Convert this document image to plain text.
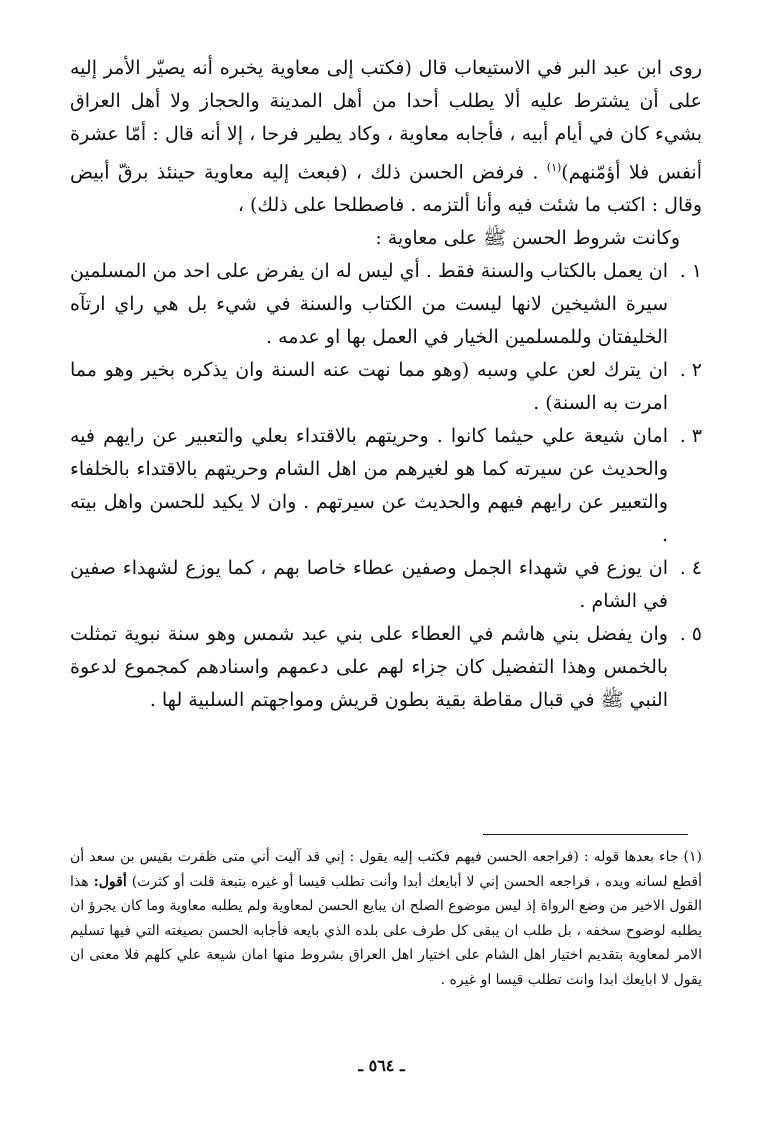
روى ابن عبد البر في الاستيعاب قال (فكتب إلى معاوية يخبره أنه يصيّر الأمر إليه على أن يشترط عليه ألا يطلب أحدا من أهل المدينة والحجاز ولا أهل العراق بشيء كان في أيام أبيه ، فأجابه معاوية ، وكاد يطير فرحا ، إلا أنه قال : أمّا عشرة أنفس فلا أؤمّنهم)$^{(١)}$ . فرفض الحسن ذلك ، (فبعث إليه معاوية حينئذ برقّ أبيض وقال : اكتب ما شئت فيه وأنا ألتزمه . فاصطلحا على ذلك) ،

وكانت شروط الحسن ﷺ على معاوية :

١ .
ان يعمل بالكتاب والسنة فقط . أي ليس له ان يفرض على احد من المسلمين سيرة الشيخين لانها ليست من الكتاب والسنة في شيء بل هي راي ارتآه الخليفتان وللمسلمين الخيار في العمل بها او عدمه .
٢ .
ان يترك لعن علي وسبه (وهو مما نهت عنه السنة وان يذكره بخير وهو مما امرت به السنة) .
٣ .
امان شيعة علي حيثما كانوا . وحريتهم بالاقتداء بعلي والتعبير عن رايهم فيه والحديث عن سيرته كما هو لغيرهم من اهل الشام وحريتهم بالاقتداء بالخلفاء والتعبير عن رايهم فيهم والحديث عن سيرتهم . وان لا يكيد للحسن واهل بيته .
٤ .
ان يوزع في شهداء الجمل وصفين عطاء خاصا بهم ، كما يوزع لشهداء صفين في الشام .
٥ .
وان يفضل بني هاشم في العطاء على بني عبد شمس وهو سنة نبوية تمثلت بالخمس وهذا التفضيل كان جزاء لهم على دعمهم واسنادهم كمجموع لدعوة النبي ﷺ في قبال مقاطة بقية بطون قريش ومواجهتم السلبية لها .

(١) جاء بعدها قوله : (فراجعه الحسن فيهم فكتب إليه يقول : إني قد آليت أني متى ظفرت بقيس بن سعد أن أقطع لسانه ويده ، فراجعه الحسن إني لا أبايعك أبدا وأنت تطلب قيسا أو غيره بتبعة قلت أو كثرت) أقول: هذا القول الاخير من وضع الرواة إذ ليس موضوع الصلح ان يبايع الحسن لمعاوية ولم يطلبه معاوية وما كان يجرؤ ان يطلبه لوضوح سخفه ، بل طلب ان يبقى كل طرف على بلده الذي بايعه فأجابه الحسن بصيغته التي فيها تسليم الامر لمعاوية بتقديم اختيار اهل الشام على اختيار اهل العراق بشروط منها امان شيعة علي كلهم فلا معنى ان يقول لا ابايعك ابدا وانت تطلب قيسا او غيره .

ـ ٥٦٤ ـ
